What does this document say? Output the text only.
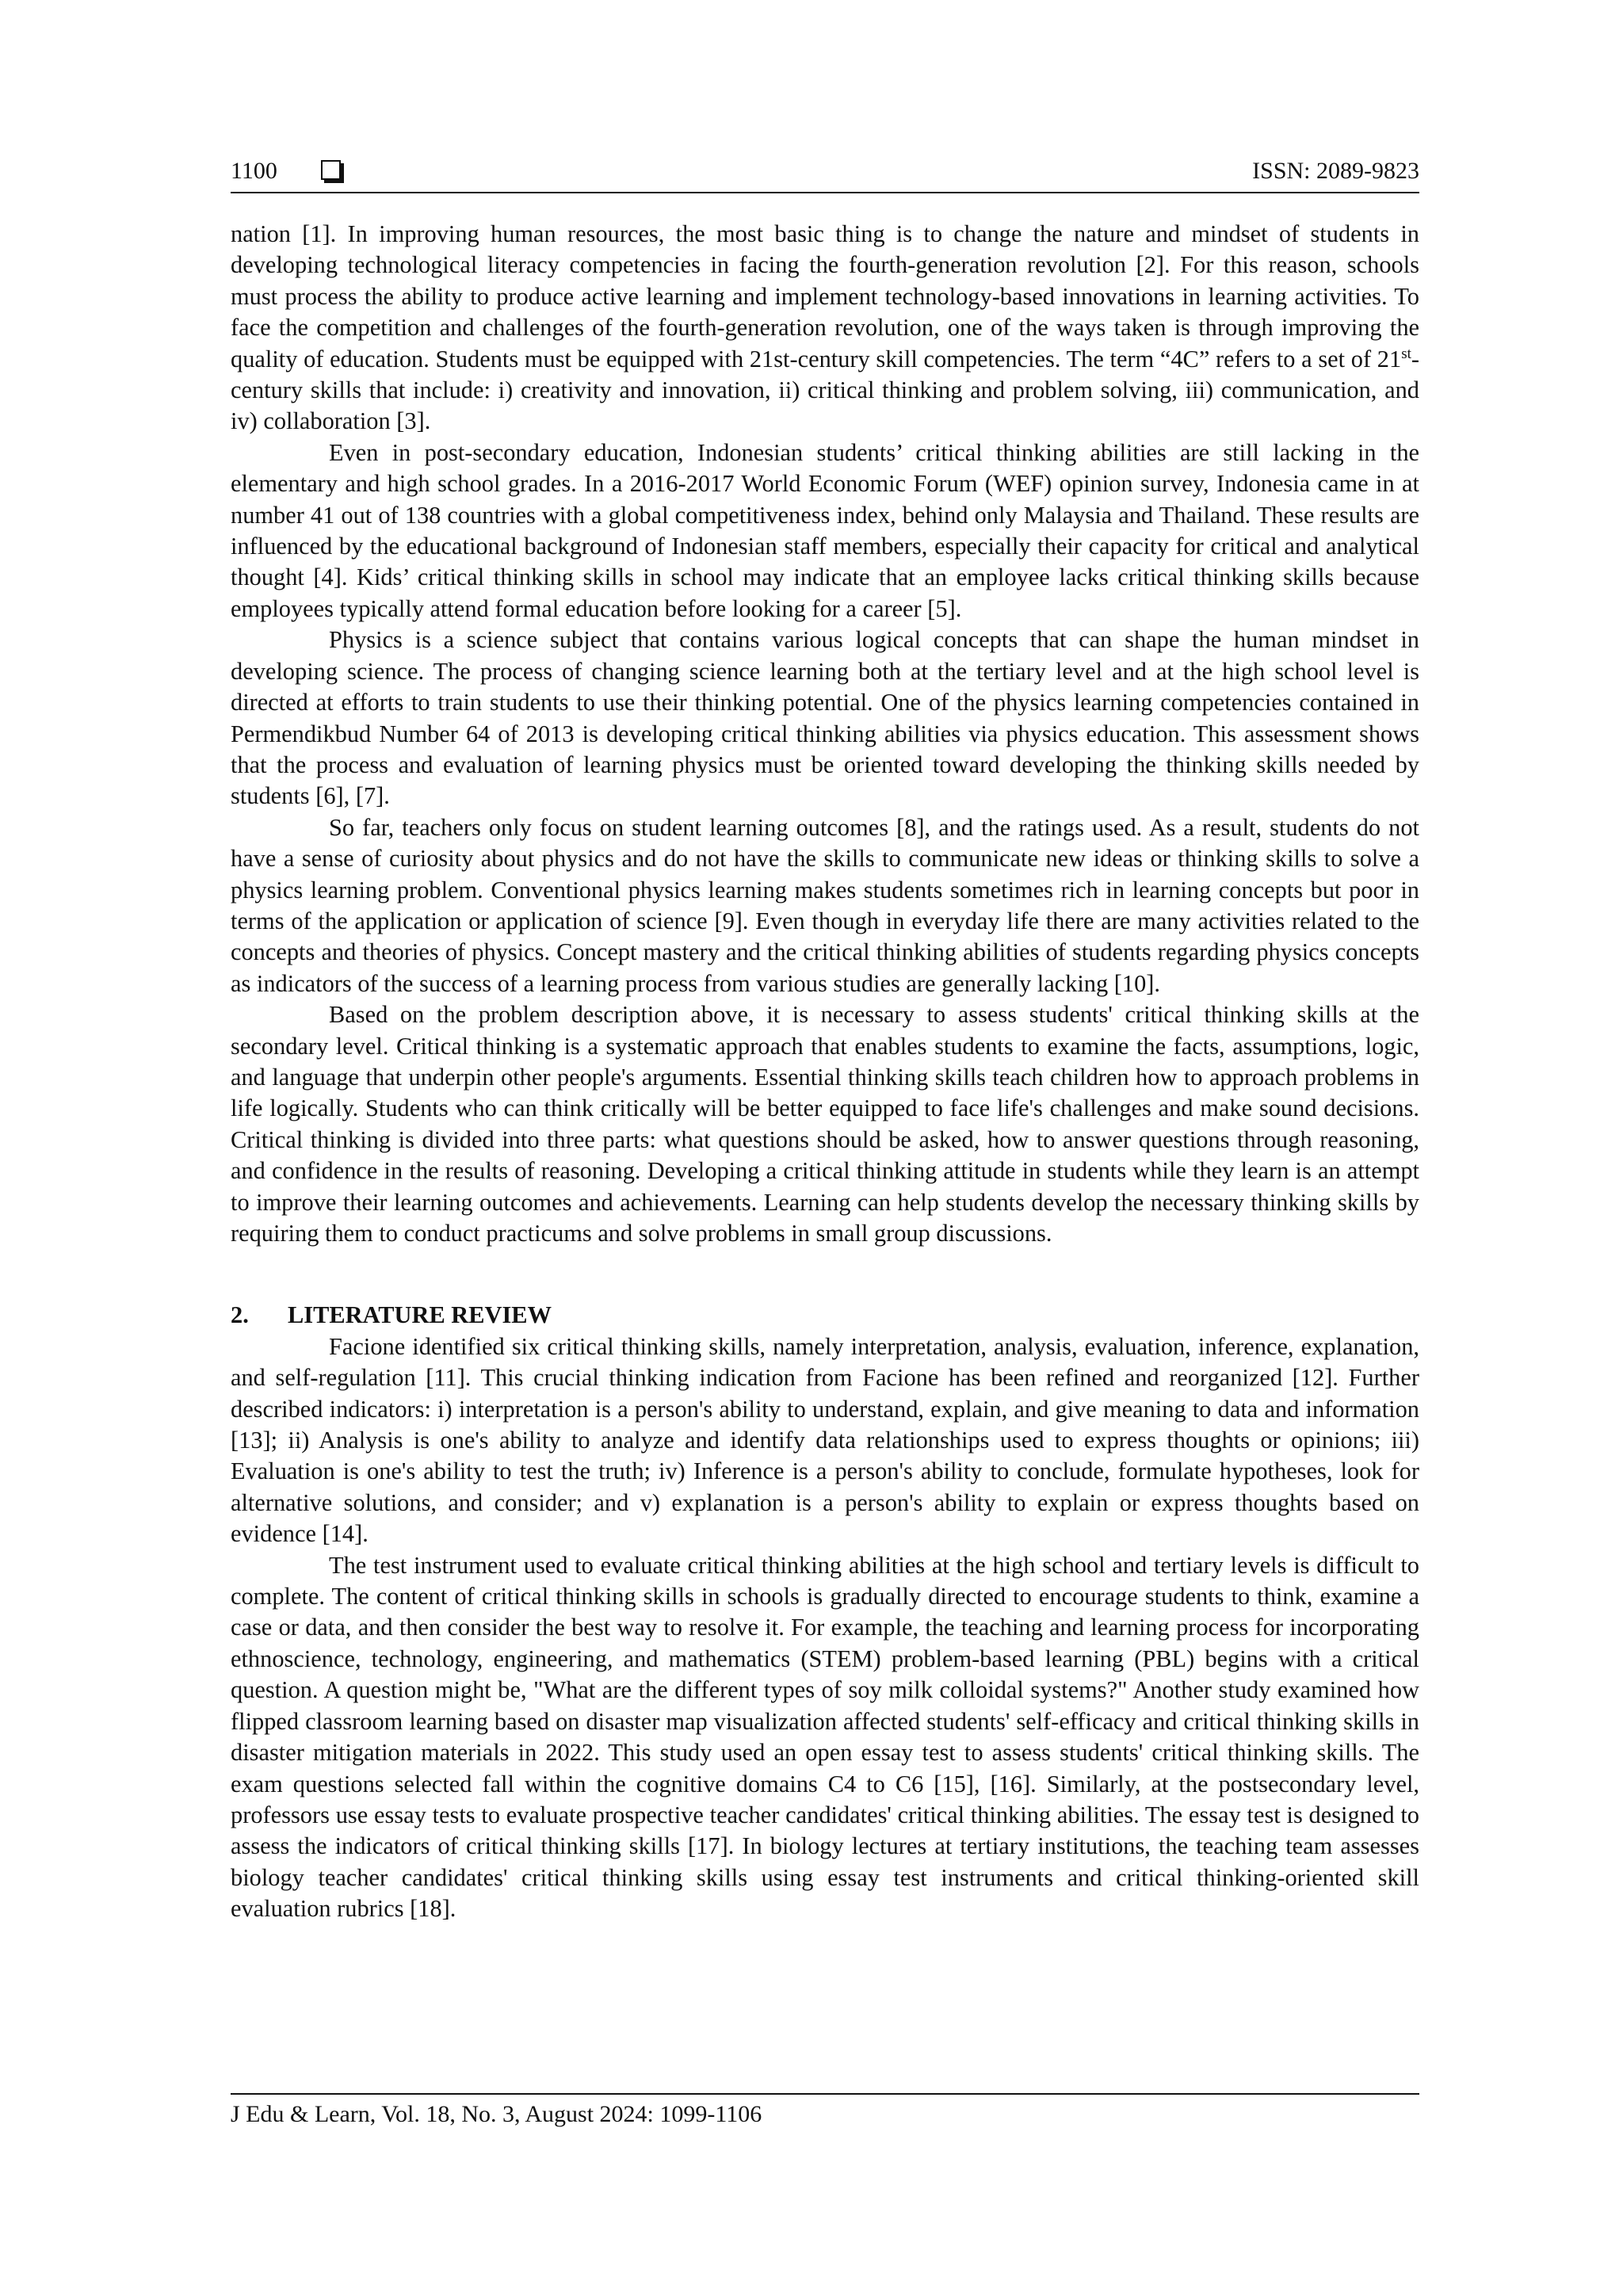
1100	ISSN: 2089-9823

nation [1]. In improving human resources, the most basic thing is to change the nature and mindset of students in developing technological literacy competencies in facing the fourth-generation revolution [2]. For this reason, schools must process the ability to produce active learning and implement technology-based innovations in learning activities. To face the competition and challenges of the fourth-generation revolution, one of the ways taken is through improving the quality of education. Students must be equipped with 21st-century skill competencies. The term “4C” refers to a set of 21st-century skills that include: i) creativity and innovation, ii) critical thinking and problem solving, iii) communication, and iv) collaboration [3].

Even in post-secondary education, Indonesian students’ critical thinking abilities are still lacking in the elementary and high school grades. In a 2016-2017 World Economic Forum (WEF) opinion survey, Indonesia came in at number 41 out of 138 countries with a global competitiveness index, behind only Malaysia and Thailand. These results are influenced by the educational background of Indonesian staff members, especially their capacity for critical and analytical thought [4]. Kids’ critical thinking skills in school may indicate that an employee lacks critical thinking skills because employees typically attend formal education before looking for a career [5].

Physics is a science subject that contains various logical concepts that can shape the human mindset in developing science. The process of changing science learning both at the tertiary level and at the high school level is directed at efforts to train students to use their thinking potential. One of the physics learning competencies contained in Permendikbud Number 64 of 2013 is developing critical thinking abilities via physics education. This assessment shows that the process and evaluation of learning physics must be oriented toward developing the thinking skills needed by students [6], [7].

So far, teachers only focus on student learning outcomes [8], and the ratings used. As a result, students do not have a sense of curiosity about physics and do not have the skills to communicate new ideas or thinking skills to solve a physics learning problem. Conventional physics learning makes students sometimes rich in learning concepts but poor in terms of the application or application of science [9]. Even though in everyday life there are many activities related to the concepts and theories of physics. Concept mastery and the critical thinking abilities of students regarding physics concepts as indicators of the success of a learning process from various studies are generally lacking [10].

Based on the problem description above, it is necessary to assess students' critical thinking skills at the secondary level. Critical thinking is a systematic approach that enables students to examine the facts, assumptions, logic, and language that underpin other people's arguments. Essential thinking skills teach children how to approach problems in life logically. Students who can think critically will be better equipped to face life's challenges and make sound decisions. Critical thinking is divided into three parts: what questions should be asked, how to answer questions through reasoning, and confidence in the results of reasoning. Developing a critical thinking attitude in students while they learn is an attempt to improve their learning outcomes and achievements. Learning can help students develop the necessary thinking skills by requiring them to conduct practicums and solve problems in small group discussions.

2. LITERATURE REVIEW

Facione identified six critical thinking skills, namely interpretation, analysis, evaluation, inference, explanation, and self-regulation [11]. This crucial thinking indication from Facione has been refined and reorganized [12]. Further described indicators: i) interpretation is a person's ability to understand, explain, and give meaning to data and information [13]; ii) Analysis is one's ability to analyze and identify data relationships used to express thoughts or opinions; iii) Evaluation is one's ability to test the truth; iv) Inference is a person's ability to conclude, formulate hypotheses, look for alternative solutions, and consider; and v) explanation is a person's ability to explain or express thoughts based on evidence [14].

The test instrument used to evaluate critical thinking abilities at the high school and tertiary levels is difficult to complete. The content of critical thinking skills in schools is gradually directed to encourage students to think, examine a case or data, and then consider the best way to resolve it. For example, the teaching and learning process for incorporating ethnoscience, technology, engineering, and mathematics (STEM) problem-based learning (PBL) begins with a critical question. A question might be, "What are the different types of soy milk colloidal systems?" Another study examined how flipped classroom learning based on disaster map visualization affected students' self-efficacy and critical thinking skills in disaster mitigation materials in 2022. This study used an open essay test to assess students' critical thinking skills. The exam questions selected fall within the cognitive domains C4 to C6 [15], [16]. Similarly, at the postsecondary level, professors use essay tests to evaluate prospective teacher candidates' critical thinking abilities. The essay test is designed to assess the indicators of critical thinking skills [17]. In biology lectures at tertiary institutions, the teaching team assesses biology teacher candidates' critical thinking skills using essay test instruments and critical thinking-oriented skill evaluation rubrics [18].

J Edu & Learn, Vol. 18, No. 3, August 2024: 1099-1106
